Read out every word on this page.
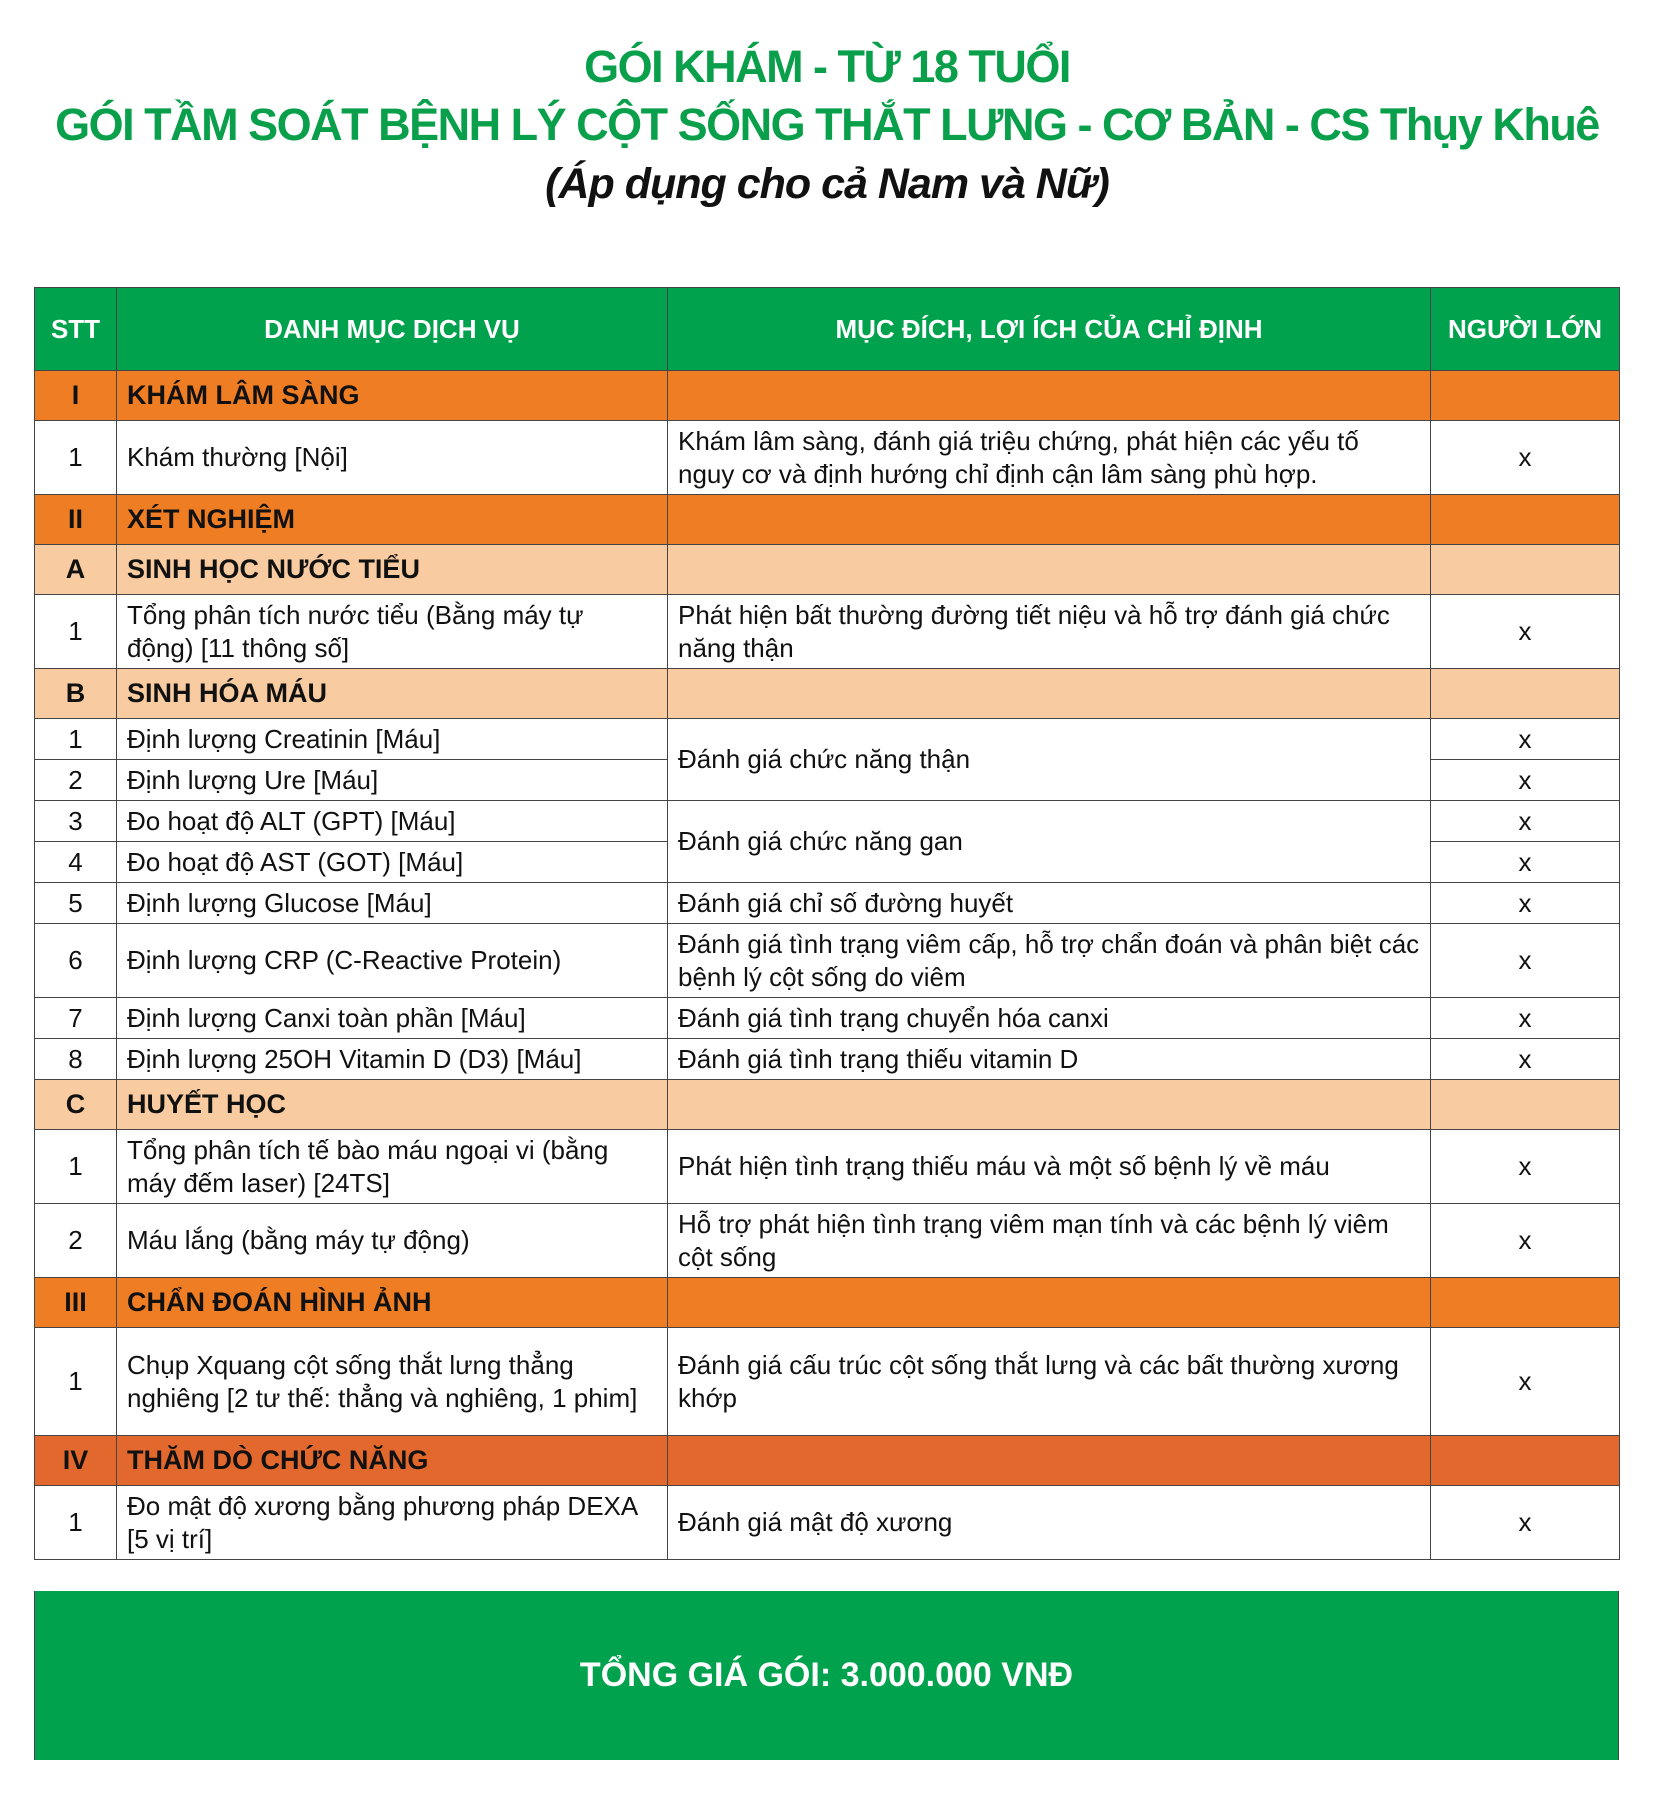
GÓI KHÁM - TỪ 18 TUỔI
GÓI TẦM SOÁT BỆNH LÝ CỘT SỐNG THẮT LƯNG - CƠ BẢN - CS Thụy Khuê
(Áp dụng cho cả Nam và Nữ)
STT	DANH MỤC DỊCH VỤ	MỤC ĐÍCH, LỢI ÍCH CỦA CHỈ ĐỊNH	NGƯỜI LỚN
I	KHÁM LÂM SÀNG		
1	Khám thường [Nội]	Khám lâm sàng, đánh giá triệu chứng, phát hiện các yếu tố nguy cơ và định hướng chỉ định cận lâm sàng phù hợp.	x
II	XÉT NGHIỆM		
A	SINH HỌC NƯỚC TIỂU		
1	Tổng phân tích nước tiểu (Bằng máy tự động) [11 thông số]	Phát hiện bất thường đường tiết niệu và hỗ trợ đánh giá chức năng thận	x
B	SINH HÓA MÁU		
1	Định lượng Creatinin [Máu]	Đánh giá chức năng thận	x
2	Định lượng Ure [Máu]		x
3	Đo hoạt độ ALT (GPT) [Máu]	Đánh giá chức năng gan	x
4	Đo hoạt độ AST (GOT) [Máu]		x
5	Định lượng Glucose [Máu]	Đánh giá chỉ số đường huyết	x
6	Định lượng CRP (C-Reactive Protein)	Đánh giá tình trạng viêm cấp, hỗ trợ chẩn đoán và phân biệt các bệnh lý cột sống do viêm	x
7	Định lượng Canxi toàn phần [Máu]	Đánh giá tình trạng chuyển hóa canxi	x
8	Định lượng 25OH Vitamin D (D3) [Máu]	Đánh giá tình trạng thiếu vitamin D	x
C	HUYẾT HỌC		
1	Tổng phân tích tế bào máu ngoại vi (bằng máy đếm laser) [24TS]	Phát hiện tình trạng thiếu máu và một số bệnh lý về máu	x
2	Máu lắng (bằng máy tự động)	Hỗ trợ phát hiện tình trạng viêm mạn tính và các bệnh lý viêm cột sống	x
III	CHẨN ĐOÁN HÌNH ẢNH		
1	Chụp Xquang cột sống thắt lưng thẳng nghiêng [2 tư thế: thẳng và nghiêng, 1 phim]	Đánh giá cấu trúc cột sống thắt lưng và các bất thường xương khớp	x
IV	THĂM DÒ CHỨC NĂNG		
1	Đo mật độ xương bằng phương pháp DEXA [5 vị trí]	Đánh giá mật độ xương	x
TỔNG GIÁ GÓI: 3.000.000 VNĐ
